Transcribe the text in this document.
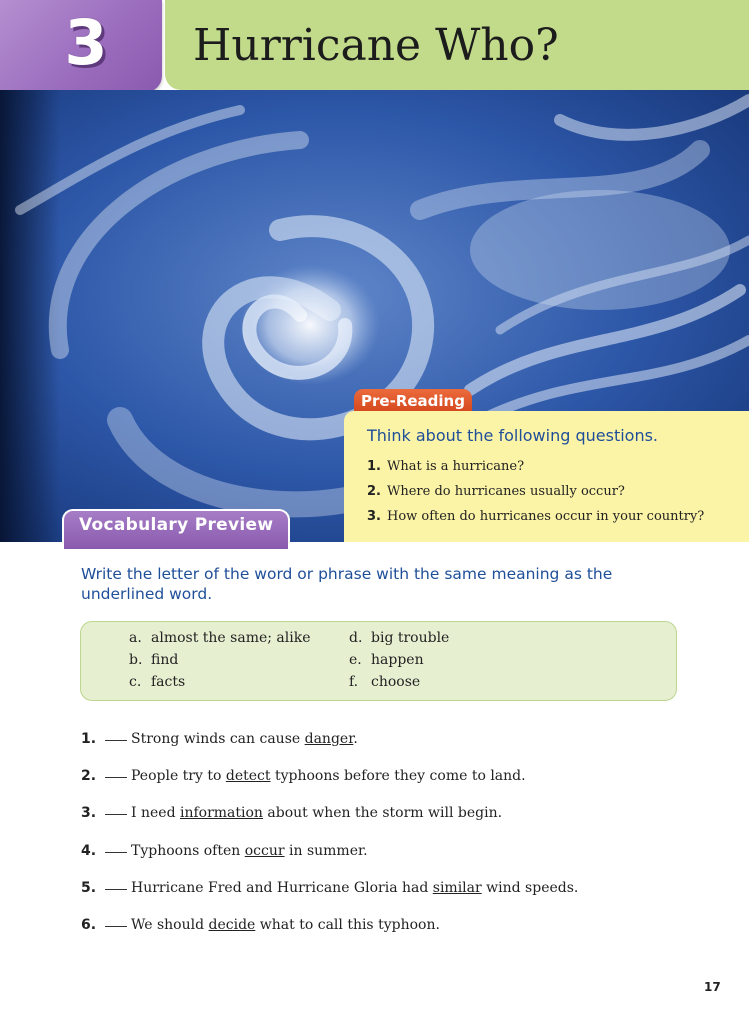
3 Hurricane Who?
Pre-Reading
Think about the following questions.
1. What is a hurricane?
2. Where do hurricanes usually occur?
3. How often do hurricanes occur in your country?
Vocabulary Preview
Write the letter of the word or phrase with the same meaning as the underlined word.
a. almost the same; alike
b. find
c. facts
d. big trouble
e. happen
f. choose
1. Strong winds can cause danger.
2. People try to detect typhoons before they come to land.
3. I need information about when the storm will begin.
4. Typhoons often occur in summer.
5. Hurricane Fred and Hurricane Gloria had similar wind speeds.
6. We should decide what to call this typhoon.
17
